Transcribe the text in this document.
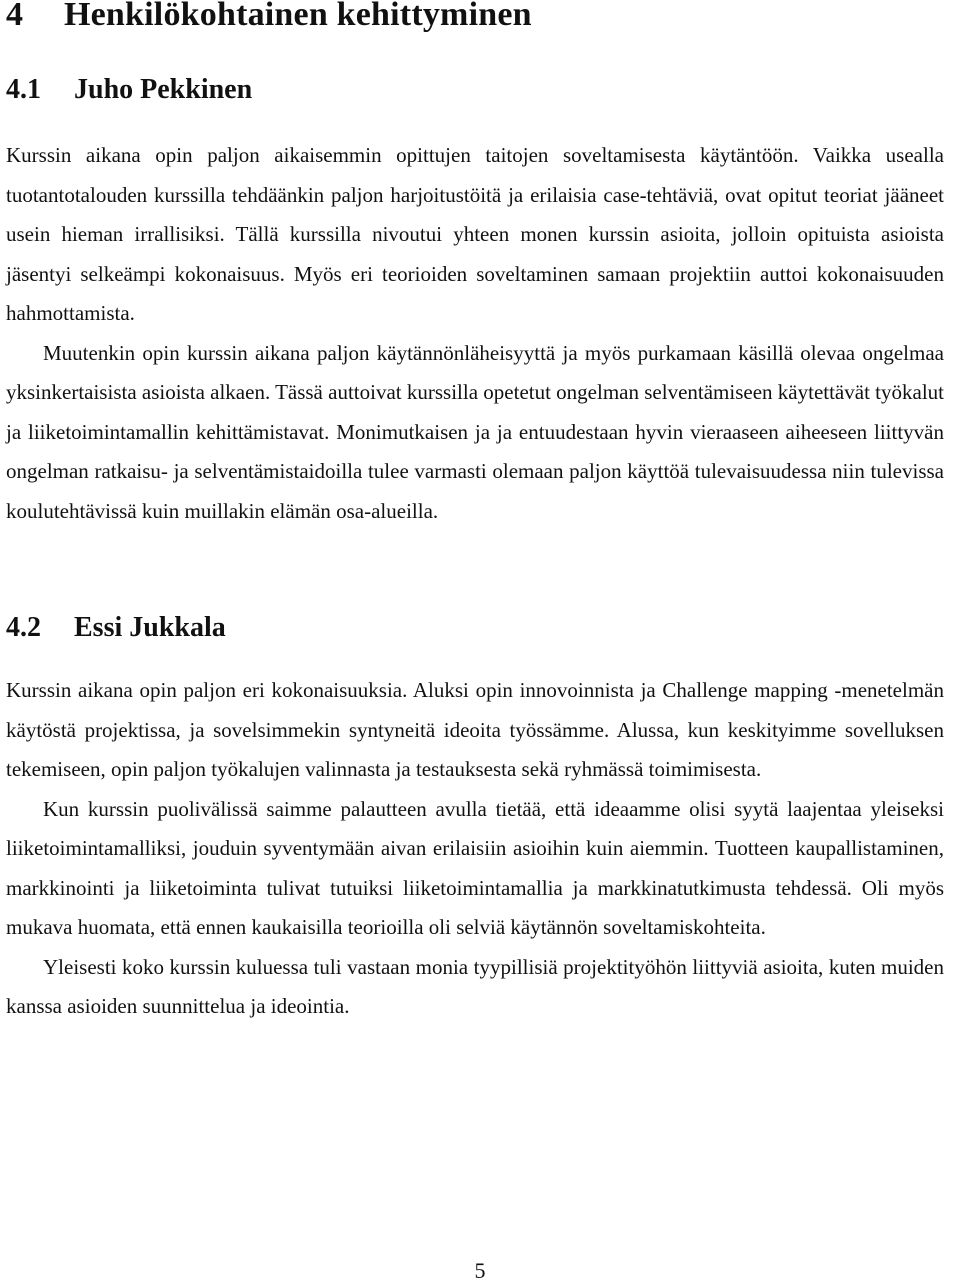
4 Henkilökohtainen kehittyminen
4.1 Juho Pekkinen

Kurssin aikana opin paljon aikaisemmin opittujen taitojen soveltamisesta käytäntöön. Vaikka usealla tuotantotalouden kurssilla tehdäänkin paljon harjoitustöitä ja erilaisia case-tehtäviä, ovat opitut teoriat jääneet usein hieman irrallisiksi. Tällä kurssilla nivoutui yhteen monen kurssin asioita, jolloin opituista asioista jäsentyi selkeämpi kokonaisuus. Myös eri teorioiden soveltaminen samaan projektiin auttoi kokonaisuuden hahmottamista.

Muutenkin opin kurssin aikana paljon käytännönläheisyyttä ja myös purkamaan käsillä olevaa ongelmaa yksinkertaisista asioista alkaen. Tässä auttoivat kurssilla opetetut ongelman selventämiseen käytettävät työkalut ja liiketoimintamallin kehittämistavat. Monimutkaisen ja ja entuudestaan hyvin vieraaseen aiheeseen liittyvän ongelman ratkaisu- ja selventämistaidoilla tulee varmasti olemaan paljon käyttöä tulevaisuudessa niin tulevissa koulutehtävissä kuin muillakin elämän osa-alueilla.

4.2 Essi Jukkala

Kurssin aikana opin paljon eri kokonaisuuksia. Aluksi opin innovoinnista ja Challenge mapping -menetelmän käytöstä projektissa, ja sovelsimmekin syntyneitä ideoita työssämme. Alussa, kun keskityimme sovelluksen tekemiseen, opin paljon työkalujen valinnasta ja testauksesta sekä ryhmässä toimimisesta.

Kun kurssin puolivälissä saimme palautteen avulla tietää, että ideaamme olisi syytä laajentaa yleiseksi liiketoimintamalliksi, jouduin syventymään aivan erilaisiin asioihin kuin aiemmin. Tuotteen kaupallistaminen, markkinointi ja liiketoiminta tulivat tutuiksi liiketoimintamallia ja markkinatutkimusta tehdessä. Oli myös mukava huomata, että ennen kaukaisilla teorioilla oli selviä käytännön soveltamiskohteita.

Yleisesti koko kurssin kuluessa tuli vastaan monia tyypillisiä projektityöhön liittyviä asioita, kuten muiden kanssa asioiden suunnittelua ja ideointia.

5
